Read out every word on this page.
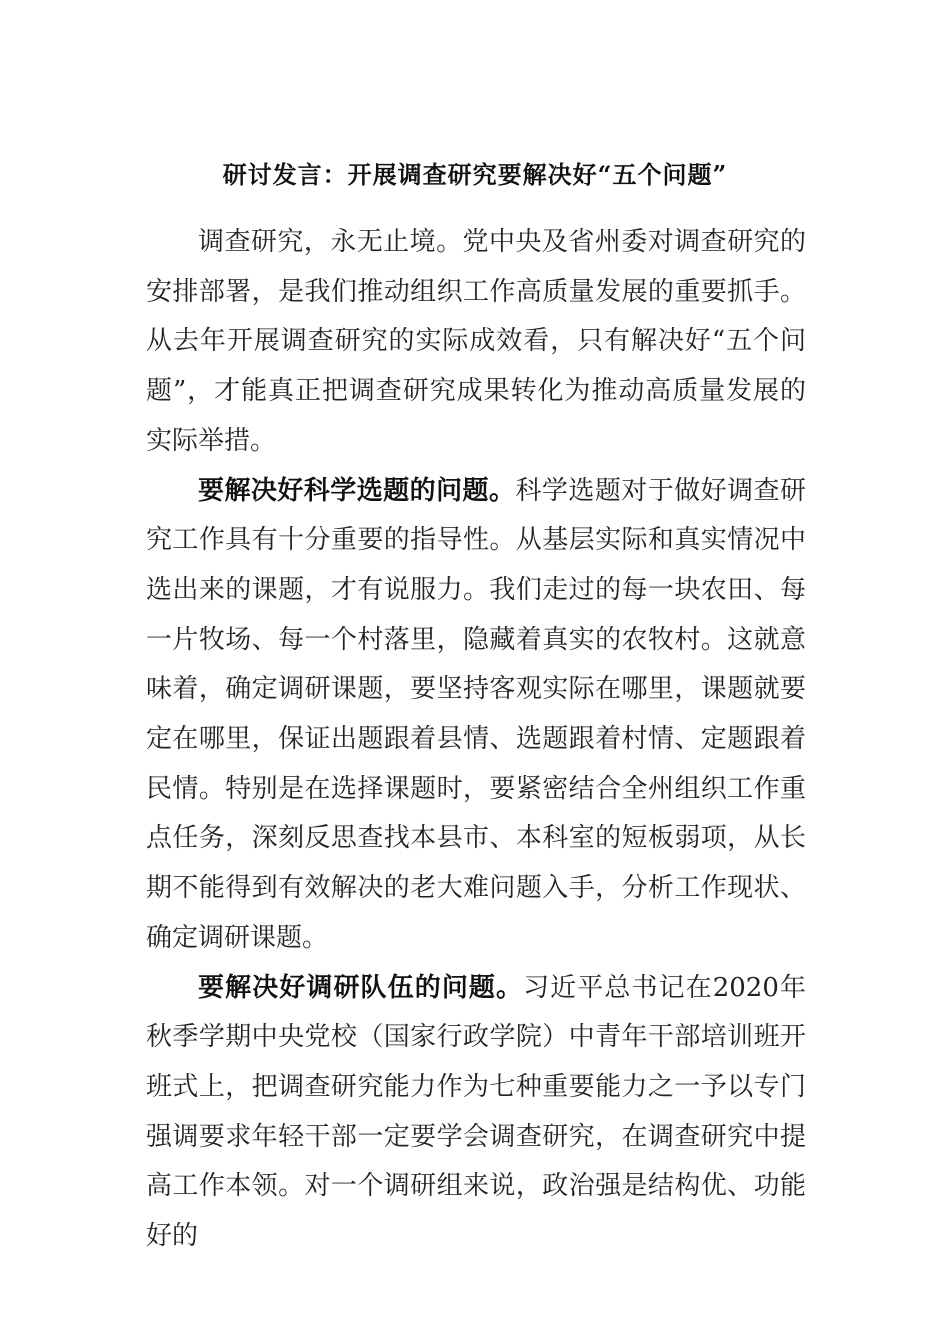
研讨发言：开展调查研究要解决好“五个问题”

调查研究，永无止境。党中央及省州委对调查研究的安排部署，是我们推动组织工作高质量发展的重要抓手。从去年开展调查研究的实际成效看，只有解决好“五个问题”，才能真正把调查研究成果转化为推动高质量发展的实际举措。

要解决好科学选题的问题。科学选题对于做好调查研究工作具有十分重要的指导性。从基层实际和真实情况中选出来的课题，才有说服力。我们走过的每一块农田、每一片牧场、每一个村落里，隐藏着真实的农牧村。这就意味着，确定调研课题，要坚持客观实际在哪里，课题就要定在哪里，保证出题跟着县情、选题跟着村情、定题跟着民情。特别是在选择课题时，要紧密结合全州组织工作重点任务，深刻反思查找本县市、本科室的短板弱项，从长期不能得到有效解决的老大难问题入手，分析工作现状、确定调研课题。

要解决好调研队伍的问题。习近平总书记在2020年秋季学期中央党校（国家行政学院）中青年干部培训班开班式上，把调查研究能力作为七种重要能力之一予以专门强调要求年轻干部一定要学会调查研究，在调查研究中提高工作本领。对一个调研组来说，政治强是结构优、功能好的
